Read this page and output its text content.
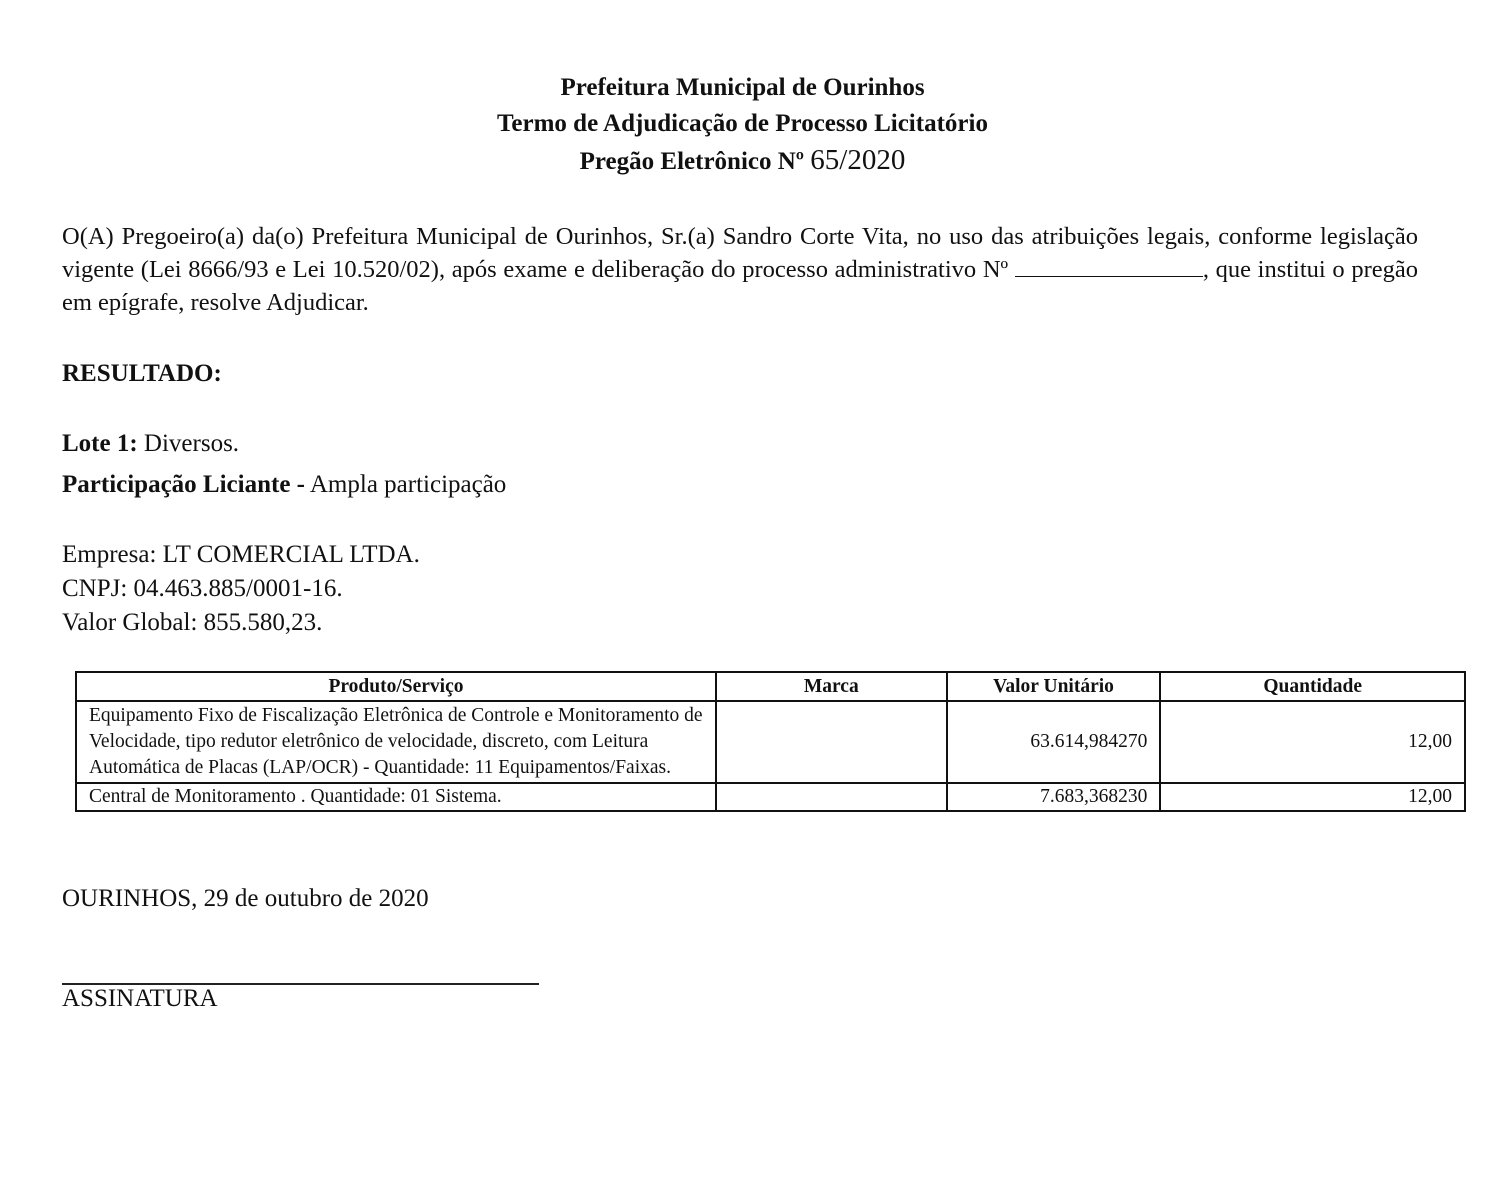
Prefeitura Municipal de Ourinhos
Termo de Adjudicação de Processo Licitatório
Pregão Eletrônico Nº 65/2020
O(A) Pregoeiro(a) da(o) Prefeitura Municipal de Ourinhos, Sr.(a) Sandro Corte Vita, no uso das atribuições legais, conforme legislação vigente (Lei 8666/93 e Lei 10.520/02), após exame e deliberação do processo administrativo Nº	, que institui o pregão em epígrafe, resolve Adjudicar.
RESULTADO:
Lote 1: Diversos.
Participação Liciante - Ampla participação
Empresa: LT COMERCIAL LTDA.
CNPJ: 04.463.885/0001-16.
Valor Global: 855.580,23.
Produto/Serviço	Marca	Valor Unitário	Quantidade
Equipamento Fixo de Fiscalização Eletrônica de Controle e Monitoramento de Velocidade, tipo redutor eletrônico de velocidade, discreto, com Leitura Automática de Placas (LAP/OCR) - Quantidade: 11 Equipamentos/Faixas.		63.614,984270	12,00
Central de Monitoramento . Quantidade: 01 Sistema.		7.683,368230	12,00
OURINHOS, 29 de outubro de 2020
ASSINATURA
